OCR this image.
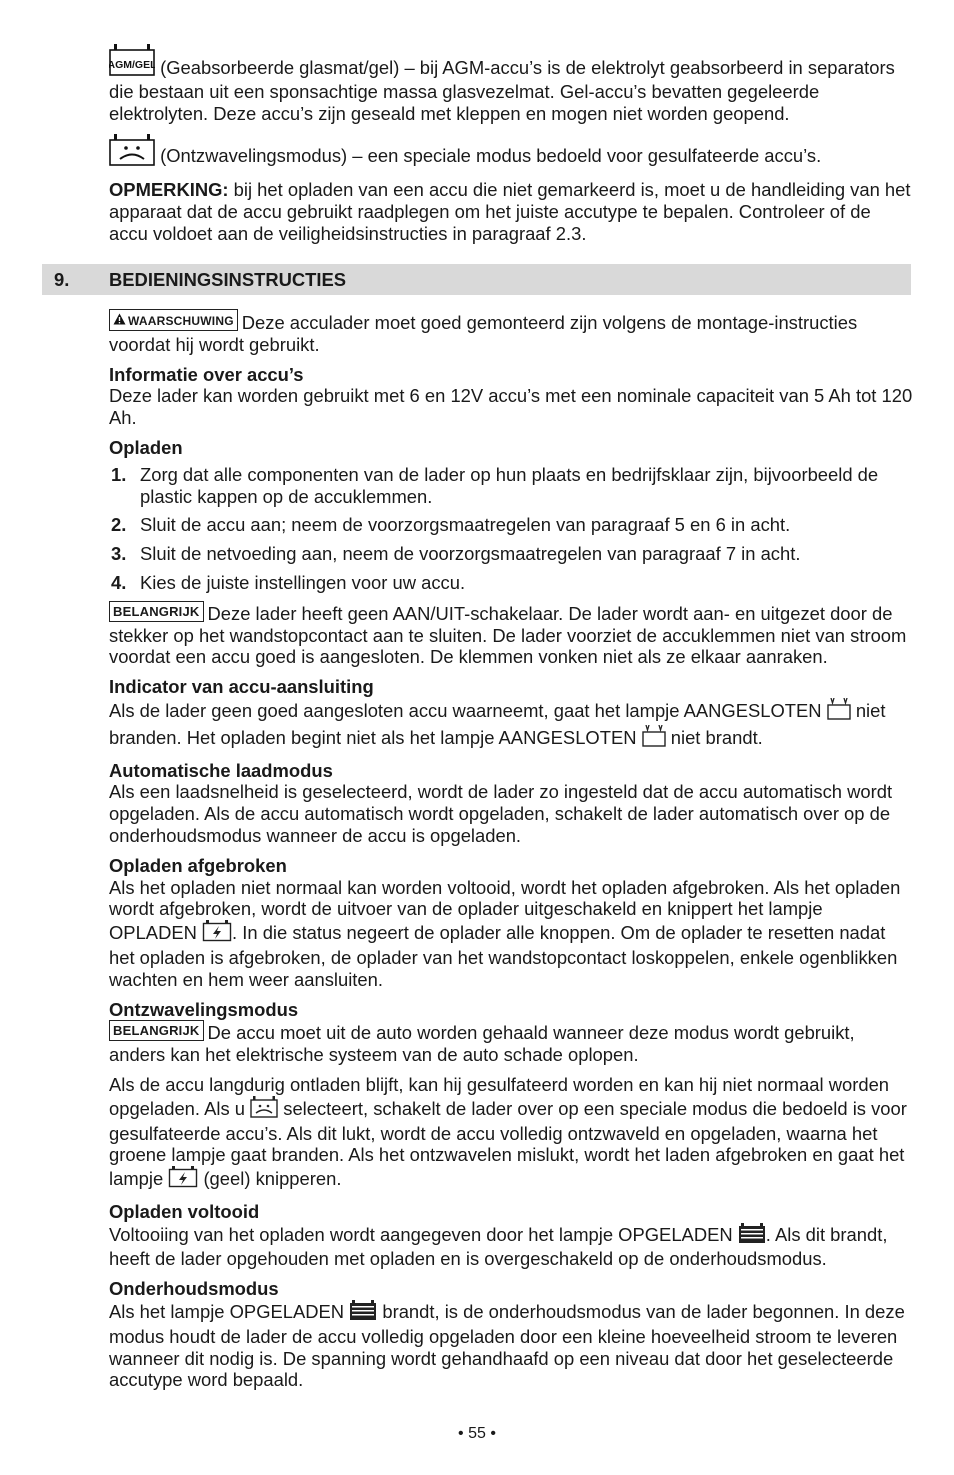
AGM/GEL (Geabsorbeerde glasmat/gel) – bij AGM-accu’s is de elektrolyt geabsorbeerd in separators die bestaan uit een sponsachtige massa glasvezelmat. Gel-accu’s bevatten gegeleerde elektrolyten. Deze accu’s zijn geseald met kleppen en mogen niet worden geopend.

(Ontzwavelingsmodus) – een speciale modus bedoeld voor gesulfateerde accu’s.

OPMERKING: bij het opladen van een accu die niet gemarkeerd is, moet u de handleiding van het apparaat dat de accu gebruikt raadplegen om het juiste accutype te bepalen. Controleer of de accu voldoet aan de veiligheidsinstructies in paragraaf 2.3.

9. BEDIENINGSINSTRUCTIES

WAARSCHUWING Deze acculader moet goed gemonteerd zijn volgens de montage-instructies voordat hij wordt gebruikt.

Informatie over accu’s

Deze lader kan worden gebruikt met 6 en 12V accu’s met een nominale capaciteit van 5 Ah tot 120 Ah.

Opladen

1. Zorg dat alle componenten van de lader op hun plaats en bedrijfsklaar zijn, bijvoorbeeld de plastic kappen op de accuklemmen.
2. Sluit de accu aan; neem de voorzorgsmaatregelen van paragraaf 5 en 6 in acht.
3. Sluit de netvoeding aan, neem de voorzorgsmaatregelen van paragraaf 7 in acht.
4. Kies de juiste instellingen voor uw accu.

BELANGRIJK Deze lader heeft geen AAN/UIT-schakelaar. De lader wordt aan- en uitgezet door de stekker op het wandstopcontact aan te sluiten. De lader voorziet de accuklemmen niet van stroom voordat een accu goed is aangesloten. De klemmen vonken niet als ze elkaar aanraken.

Indicator van accu-aansluiting

Als de lader geen goed aangesloten accu waarneemt, gaat het lampje AANGESLOTEN niet branden. Het opladen begint niet als het lampje AANGESLOTEN niet brandt.

Automatische laadmodus

Als een laadsnelheid is geselecteerd, wordt de lader zo ingesteld dat de accu automatisch wordt opgeladen. Als de accu automatisch wordt opgeladen, schakelt de lader automatisch over op de onderhoudsmodus wanneer de accu is opgeladen.

Opladen afgebroken

Als het opladen niet normaal kan worden voltooid, wordt het opladen afgebroken. Als het opladen wordt afgebroken, wordt de uitvoer van de oplader uitgeschakeld en knippert het lampje OPLADEN . In die status negeert de oplader alle knoppen. Om de oplader te resetten nadat het opladen is afgebroken, de oplader van het wandstopcontact loskoppelen, enkele ogenblikken wachten en hem weer aansluiten.

Ontzwavelingsmodus

BELANGRIJK De accu moet uit de auto worden gehaald wanneer deze modus wordt gebruikt, anders kan het elektrische systeem van de auto schade oplopen.

Als de accu langdurig ontladen blijft, kan hij gesulfateerd worden en kan hij niet normaal worden opgeladen. Als u selecteert, schakelt de lader over op een speciale modus die bedoeld is voor gesulfateerde accu’s. Als dit lukt, wordt de accu volledig ontzwaveld en opgeladen, waarna het groene lampje gaat branden. Als het ontzwavelen mislukt, wordt het laden afgebroken en gaat het lampje (geel) knipperen.

Opladen voltooid

Voltooiing van het opladen wordt aangegeven door het lampje OPGELADEN . Als dit brandt, heeft de lader opgehouden met opladen en is overgeschakeld op de onderhoudsmodus.

Onderhoudsmodus

Als het lampje OPGELADEN brandt, is de onderhoudsmodus van de lader begonnen. In deze modus houdt de lader de accu volledig opgeladen door een kleine hoeveelheid stroom te leveren wanneer dit nodig is. De spanning wordt gehandhaafd op een niveau dat door het geselecteerde accutype word bepaald.

• 55 •
